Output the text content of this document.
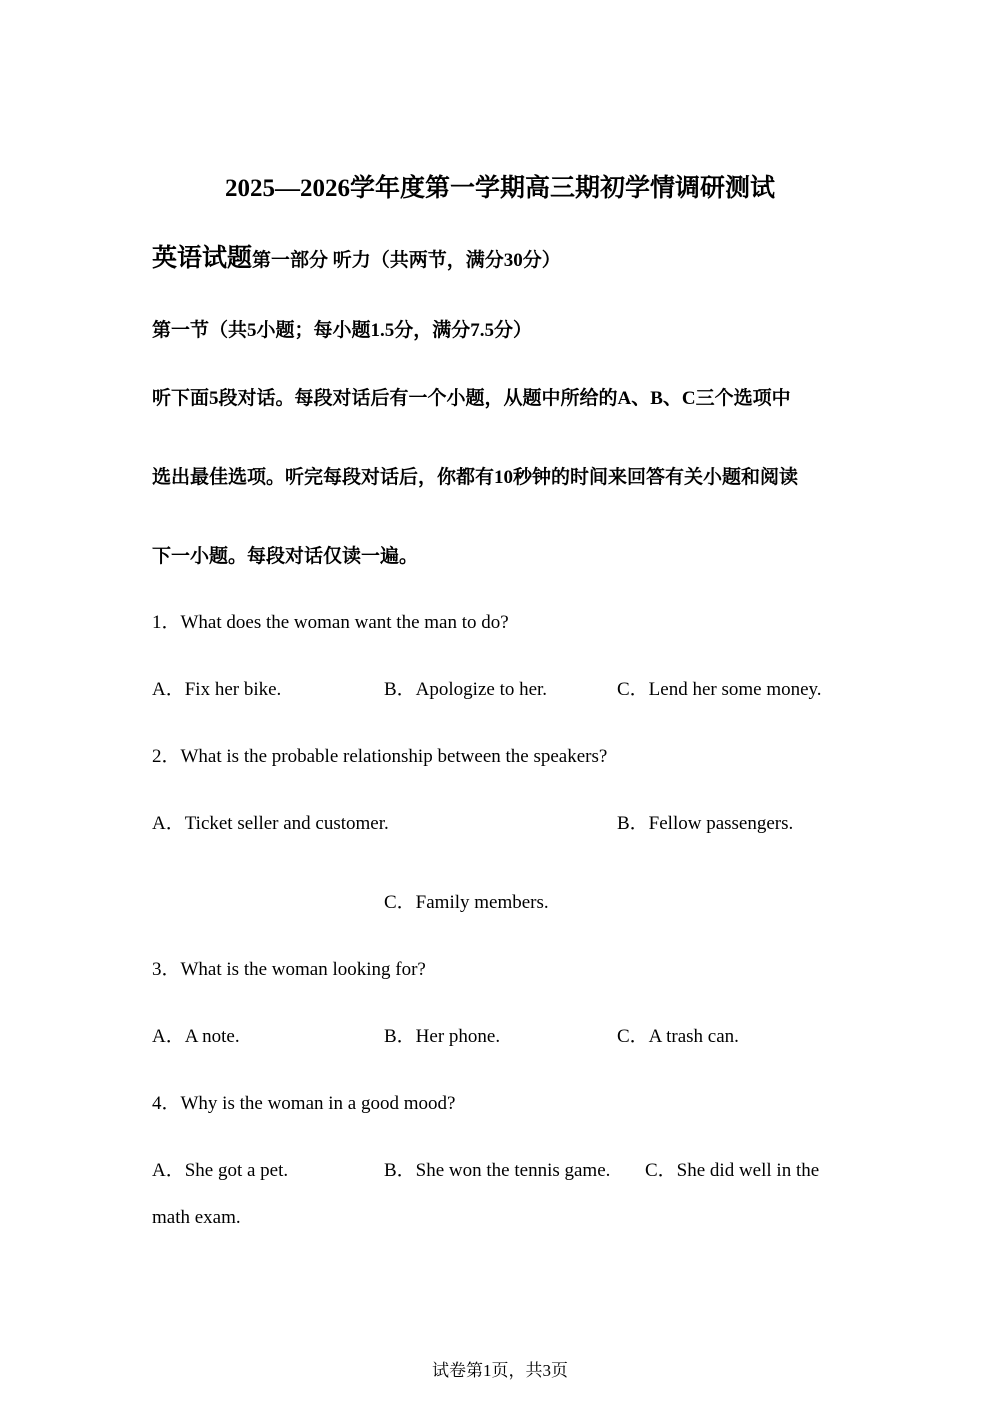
2025—2026学年度第一学期高三期初学情调研测试
英语试题第一部分 听力（共两节，满分30分）
第一节（共5小题；每小题1.5分，满分7.5分）
听下面5段对话。每段对话后有一个小题，从题中所给的A、B、C三个选项中
选出最佳选项。听完每段对话后，你都有10秒钟的时间来回答有关小题和阅读
下一小题。每段对话仅读一遍。
1．What does the woman want the man to do?
A．Fix her bike.	B．Apologize to her.	C．Lend her some money.
2．What is the probable relationship between the speakers?
A．Ticket seller and customer.	B．Fellow passengers.
C．Family members.
3．What is the woman looking for?
A．A note.	B．Her phone.	C．A trash can.
4．Why is the woman in a good mood?
A．She got a pet.	B．She won the tennis game. C．She did well in the
math exam.
试卷第1页，共3页
